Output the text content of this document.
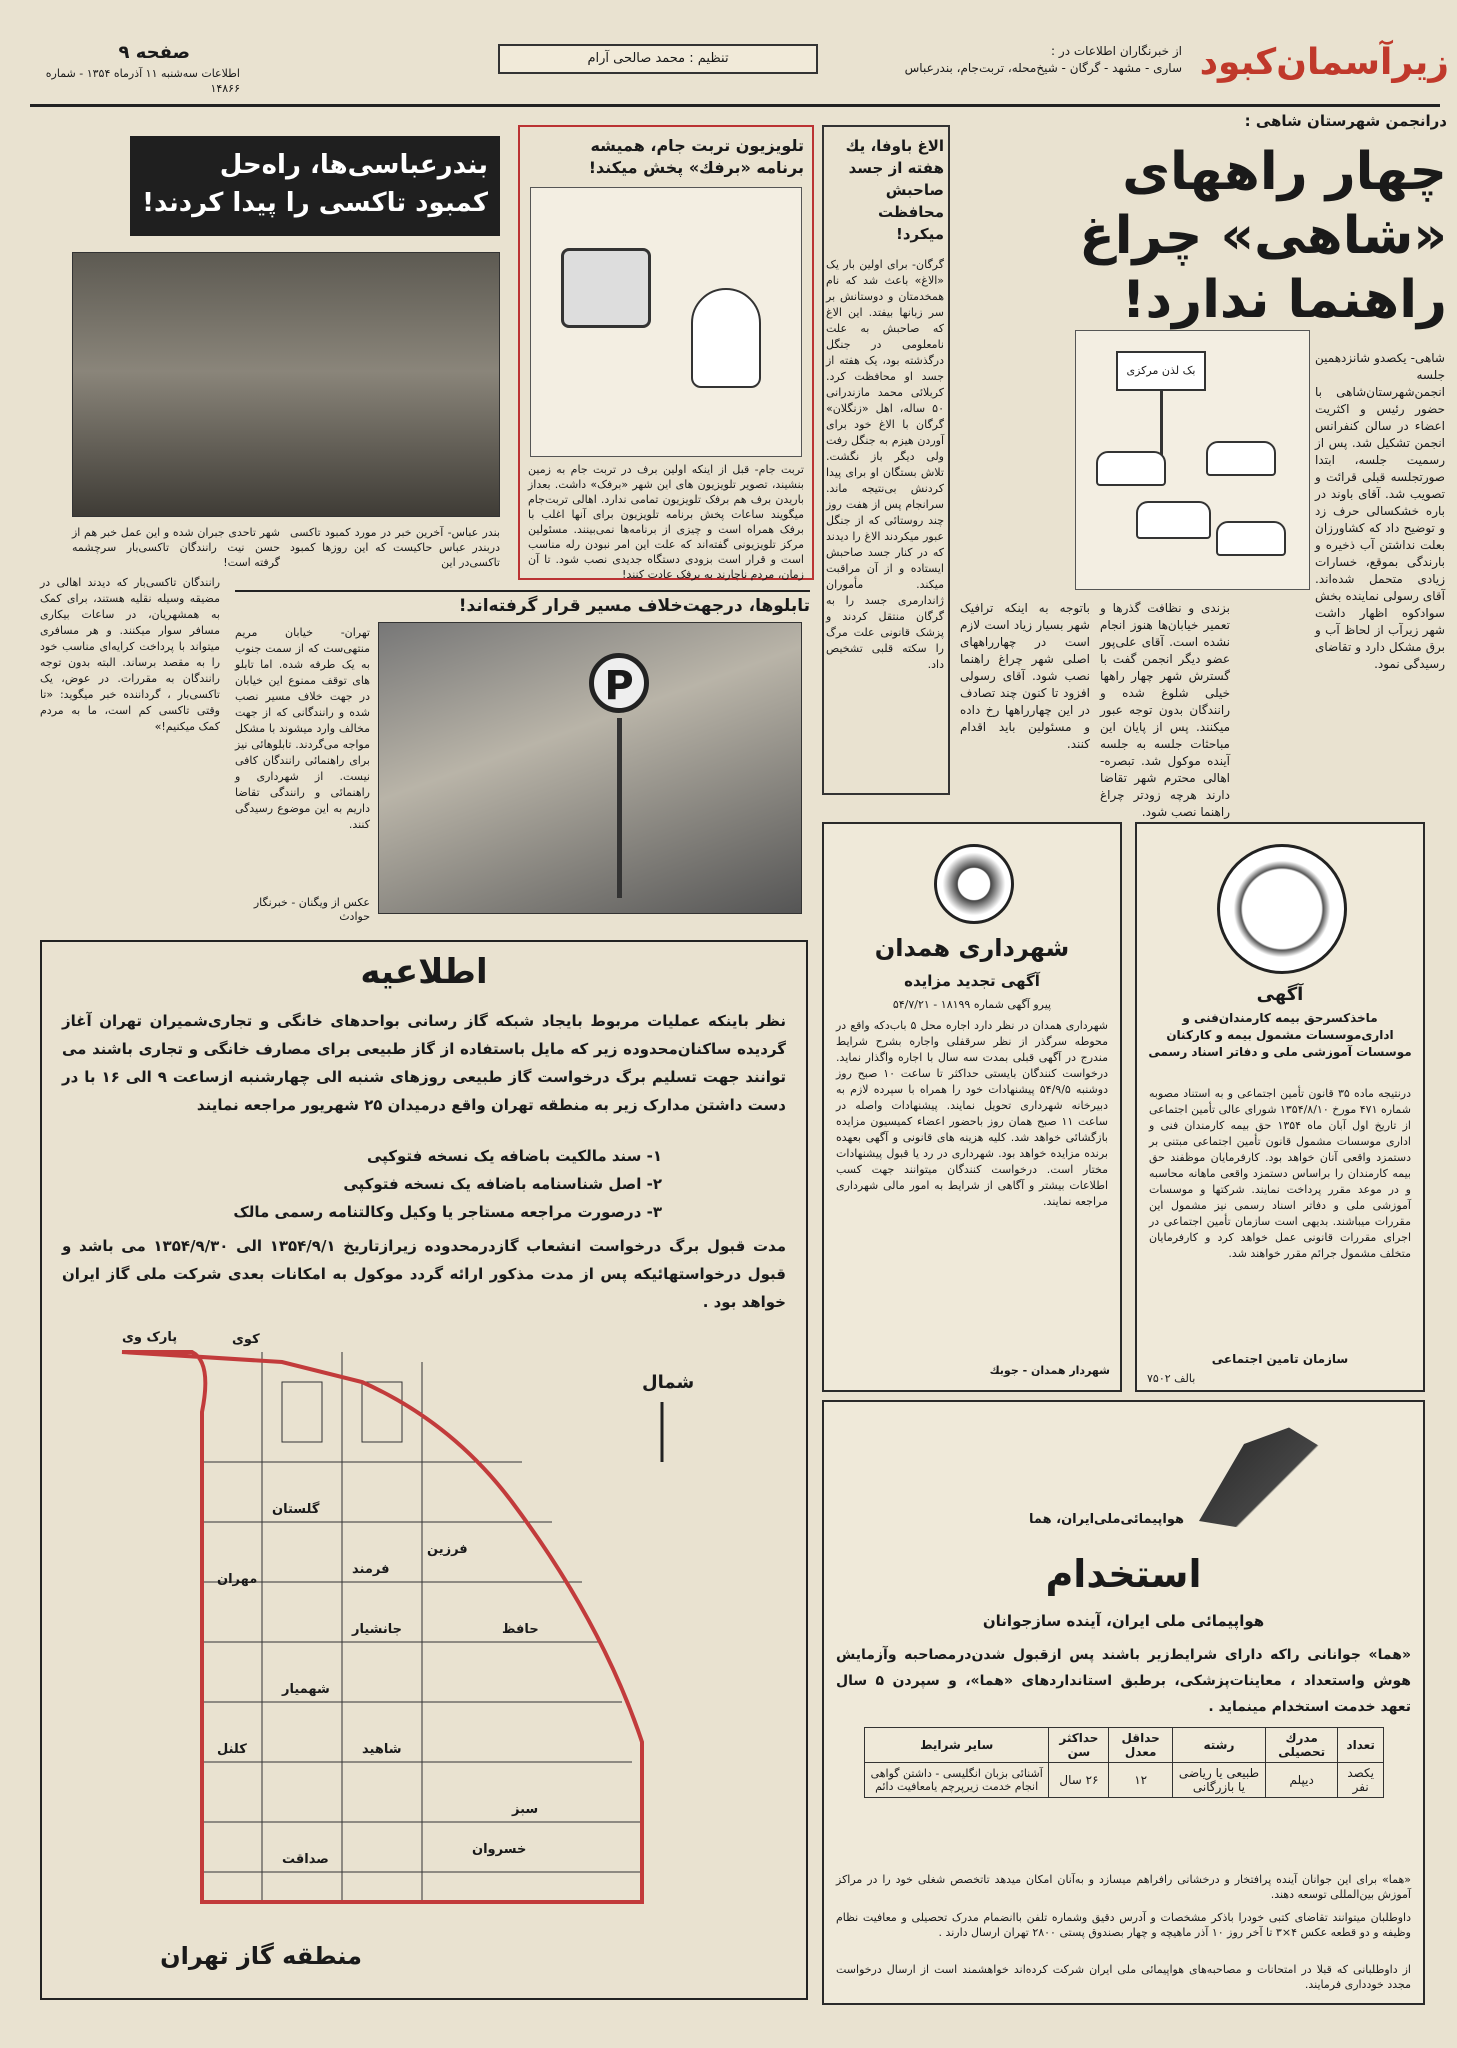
زیرآسمان‌کبود
از خبرنگاران اطلاعات در :
ساری - مشهد - گرگان - شیخ‌محله، تربت‌جام، بندرعباس
تنظیم : محمد صالحی آرام
صفحه ۹
اطلاعات سه‌شنبه ۱۱ آذرماه ۱۳۵۴ - شماره ۱۴۸۶۶
درانجمن شهرستان شاهی :
چهار راههای «شاهی» چراغ راهنما ندارد!
بک لذن مرکزی
شاهی- یکصدو شانزدهمین جلسه انجمن‌شهرستان‌شاهی با حضور رئیس و اکثریت اعضاء در سالن کنفرانس انجمن تشکیل شد. پس از رسمیت جلسه، ابتدا صورتجلسه قبلی قرائت و تصویب شد. آقای باوند در باره خشکسالی حرف زد و توضیح داد که کشاورزان بعلت نداشتن آب ذخیره و بارندگی بموقع، خسارات زیادی متحمل شده‌اند. آقای رسولی نماینده بخش سوادکوه اظهار داشت شهر زیرآب از لحاظ آب و برق مشکل دارد و تقاضای رسیدگی نمود.
بزندی و نظافت گذرها و تعمیر خیابان‌ها هنوز انجام نشده است. آقای علی‌پور عضو دیگر انجمن گفت با گسترش شهر چهار راهها خیلی شلوغ شده و رانندگان بدون توجه عبور میکنند. پس از پایان این مباحثات جلسه به جلسه آینده موکول شد. تبصره- اهالی محترم شهر تقاضا دارند هرچه زودتر چراغ راهنما نصب شود.
باتوجه به اینکه ترافیک شهر بسیار زیاد است لازم است در چهارراههای اصلی شهر چراغ راهنما نصب شود. آقای رسولی افزود تا کنون چند تصادف در این چهارراهها رخ داده و مسئولین باید اقدام کنند.
الاغ باوفا، یك هفته از جسد صاحبش محافظت میکرد!
گرگان- برای اولین بار یک «الاغ» باعث شد که نام همخدمتان و دوستانش بر سر زبانها بیفتد. این الاغ که صاحبش به علت نامعلومی در جنگل درگذشته بود، یک هفته از جسد او محافظت کرد. کربلائی محمد مازندرانی ۵۰ ساله، اهل «زنگلان» گرگان با الاغ خود برای آوردن هیزم به جنگل رفت ولی دیگر باز نگشت. تلاش بستگان او برای پیدا کردنش بی‌نتیجه ماند. سرانجام پس از هفت روز چند روستائی که از جنگل عبور میکردند الاغ را دیدند که در کنار جسد صاحبش ایستاده و از آن مراقبت میکند. مأموران ژاندارمری جسد را به گرگان منتقل کردند و پزشک قانونی علت مرگ را سکته قلبی تشخیص داد.
تلویزیون تربت جام، همیشه برنامه «برفك» پخش میکند!
تربت جام- قبل از اینکه اولین برف در تربت جام به زمین بنشیند، تصویر تلویزیون های این شهر «برفک» داشت. بعداز باریدن برف هم برفک تلویزیون تمامی ندارد. اهالی تربت‌جام میگویند ساعات پخش برنامه تلویزیون برای آنها اغلب با برفک همراه است و چیزی از برنامه‌ها نمی‌بینند. مسئولین مرکز تلویزیونی گفته‌اند که علت این امر نبودن رله مناسب است و قرار است بزودی دستگاه جدیدی نصب شود. تا آن زمان، مردم ناچارند به برفک عادت کنند!
بندرعباسی‌ها، راه‌حل کمبود تاکسی را پیدا کردند!
بندر عباس- آخرین خبر در مورد کمبود تاکسی دربندر عباس حاکیست که این روز‌ها کمبود تاکسی‌در این
شهر تاحدی جبران شده و این عمل خبر هم از حسن نیت رانندگان تاکسی‌بار سرچشمه گرفته است!
رانندگان تاکسی‌بار که دیدند اهالی در مضیقه وسیله نقلیه هستند، برای کمک به همشهریان، در ساعات بیکاری مسافر سوار میکنند. و هر مسافری میتواند با پرداخت کرایه‌ای مناسب خود را به مقصد برساند. البته بدون توجه رانندگان به مقررات. در عوض، یک تاکسی‌بار ، گرداننده خبر میگوید: «تا وقتی تاکسی کم است، ما به مردم کمک میکنیم!»
تابلوها، درجهت‌خلاف مسیر قرار گرفته‌اند!
P
تهران- خیابان مریم منتهی‌ست که از سمت جنوب به یک طرفه شده. اما تابلو های توقف ممنوع این خیابان در جهت خلاف مسیر نصب شده و رانندگانی که از جهت مخالف وارد میشوند با مشکل مواجه می‌گردند. تابلو‌هائی نیز برای راهنمائی رانندگان کافی نیست. از شهرداری و راهنمائی و رانندگی تقاضا داریم به این موضوع رسیدگی کنند.
عکس از ویگنان - خبرنگار حوادث
اطلاعیه
نظر باینکه عملیات مربوط بایجاد شبکه گاز رسانی بواحدهای خانگی و تجاری‌شمیران‌ تهران آغاز گردیده ساکنان‌محدوده زیر که مایل باستفاده از گاز طبیعی برای مصارف خانگی و تجاری باشند می توانند جهت تسلیم برگ درخواست گاز طبیعی روزهای شنبه الی چهارشنبه ازساعت ۹ الی ۱۶ با در دست داشتن مدارک زیر به منطقه تهران واقع درمیدان ۲۵ شهریور مراجعه نمایند
۱- سند مالکیت باضافه یک نسخه فتوکپی
۲- اصل شناسنامه باضافه یک نسخه فتوکپی
۳- درصورت مراجعه مستاجر یا وکیل وکالتنامه رسمی مالک
مدت قبول برگ درخواست انشعاب گازدرمحدوده زیرازتاریخ ۱۳۵۴/۹/۱ الی ۱۳۵۴/۹/۳۰ می باشد و قبول درخواستهائیکه پس از مدت مذکور ارائه گردد موکول به امکانات بعدی شرکت ملی گاز ایران خواهد بود .
پارک وی	کوی
گلستان
فرمند
جانشیار
شهمیار
شاهید
صداقت
خسروان
فرزین
حافظ
سبز
کلنل
مهران
شمال
منطقه گاز تهران
شهرداری همدان
آگهی تجدید مزایده
پیرو آگهی شماره ۱۸۱۹۹ - ۵۴/۷/۲۱
شهرداری همدان در نظر دارد اجاره محل ۵ باب‌دکه واقع در محوطه سرگذر از نظر سرقفلی واجاره بشرح شرایط مندرج در آگهی قبلی بمدت سه سال با اجاره واگذار نماید. درخواست کنندگان بایستی حداکثر تا ساعت ۱۰ صبح روز دوشنبه ۵۴/۹/۵ پیشنهادات خود را همراه با سپرده لازم به دبیرخانه شهرداری تحویل نمایند. پیشنهادات واصله در ساعت ۱۱ صبح همان روز باحضور اعضاء کمیسیون مزایده بازگشائی خواهد شد. کلیه هزینه های قانونی و آگهی بعهده برنده مزایده خواهد بود. شهرداری در رد یا قبول پیشنهادات مختار است. درخواست کنندگان میتوانند جهت کسب اطلاعات بیشتر و آگاهی از شرایط به امور مالی شهرداری مراجعه نمایند.
شهردار همدان - جوبك
آگهی
ماخذکسرحق بیمه کارمندان‌‌فنی و اداری‌موسسات مشمول بیمه و کارکنان موسسات آموزشی ملی و دفاتر اسناد رسمی
درنتیجه ماده ۳۵ قانون تأمین اجتماعی و به استناد مصوبه شماره ۴۷۱ مورخ ۱۳۵۴/۸/۱۰ شورای عالی تأمین اجتماعی از تاریخ اول آبان ماه ۱۳۵۴ حق بیمه کارمندان فنی و اداری موسسات مشمول قانون تأمین اجتماعی مبتنی بر دستمزد واقعی آنان خواهد بود. کارفرمایان موظفند حق بیمه کارمندان را براساس دستمزد واقعی ماهانه محاسبه و در موعد مقرر پرداخت نمایند. شرکتها و موسسات آموزشی ملی و دفاتر اسناد رسمی نیز مشمول این مقررات میباشند. بدیهی است سازمان تأمین اجتماعی در اجرای مقررات قانونی عمل خواهد کرد و کارفرمایان متخلف مشمول جرائم مقرر خواهند شد.
سازمان تامین اجتماعی
بالف ۷۵۰۲
هواپیمائی‌ملی‌ایران، هما
استخدام
هواپیمائی ملی ایران، آینده سازجوانان
«هما» جوانانی راکه دارای شرایط‌زیر باشند پس ازقبول شدن‌درمصاحبه وآزمایش هوش واستعداد ، معاینات‌پزشکی، برطبق استانداردهای «هما»، و سپردن ۵ سال تعهد خدمت استخدام مینماید .
تعداد	مدرك تحصیلی	رشته	حداقل معدل	حداکثر سن	سایر شرایط
یکصد نفر	دیپلم	طبیعی یا ریاضی یا بازرگانی	۱۲	۲۶ سال	آشنائی بزبان انگلیسی - داشتن گواهی انجام خدمت زیرپرچم یامعافیت دائم
«هما» برای این جوانان آینده پرافتخار و درخشانی رافراهم میسازد و به‌آنان امکان میدهد تاتخصص شغلی خود را در مراکز آموزش بین‌المللی توسعه دهند.
داوطلبان میتوانند تقاضای کتبی خودرا باذکر مشخصات و آدرس دقیق وشماره تلفن باانضمام مدرک تحصیلی و معافیت نظام وظیفه و دو قطعه عکس ۴×۳ تا آخر روز ۱۰ آذر ماهیچه و چهار بصندوق پستی ۲۸۰۰ تهران ارسال دارند .
از داوطلبانی که قبلا در امتحانات و مصاحبه‌های هواپیمائی ملی ایران شرکت کرده‌اند خواهشمند است از ارسال درخواست مجدد خودداری فرمایند.
